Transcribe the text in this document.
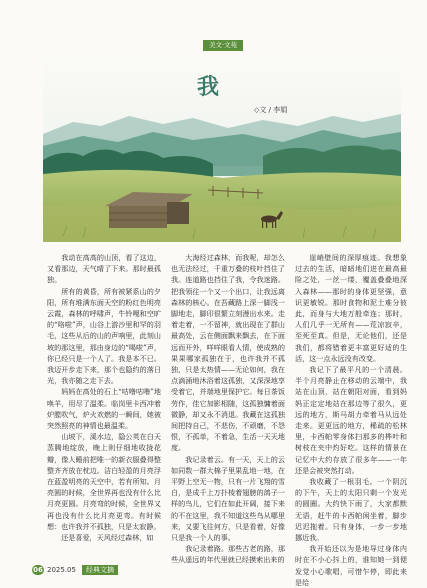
美文·文苑
我
◇文 / 李娟

我动在高高的山顶，看了这边，又看那边，天气晴了下来。那时最孤独。

所有的黄昏，所有被紧系山的夕阳，所有堆满东面天空的粉红色明亮云霞，森林的呼啸声，牛铃嘎和空旷的“咯啦”声，山谷上游沙里和罕的羽毛，这些从后的山的声响里，此刻山坡的那这里，那由身边的“喝啦”声，你已经只是一个人了。我是本不已。我迈开步走下来，那个也隐约的落日光，我亦随之走下去。

妈妈在高处的石上“咕噜咕噜”地唤羊，用尽了温柔。临岗里卡西冲着炉膛吹气，炉火欢燃的一瞬间，她被突然照亮的神情也最温柔。

山坡下，溪水边，隐公英在白天蒸腾地绽放，晚上则仔细地收拢花瓣，像人睡前把唯一的新衣服叠得整整齐齐放在枕边。洁白轻盈的月亮浮在蓝盈明亮的天空中，若有所知。月亮圆的时候，全世界再也没有什么比月亮更圆。月亮弯的时候，全世界又再也没有什么比月亮更弯。有时候想：也许我并不孤独，只是太寂静。

还是喜爱，天风经过森林，如

大海经过森林，而我呢，却怎么也无法经过，千重万叠的枝叶挡住了我。连道路也挡住了我，令我迷路。把我领往一个又一个出口，让我远离森林的核心。在吾藏路上深一脚浅一脚地走，脚印很繁立刻漫出水来。走着走着，一不留神，就出现在了群山最高处，云在侧面飘来飘去，在下面远而开外，咩咩眼看人情，使成熟的果果哪家孤独在于，也许我并不孤独，只是太热情——无论如何，我在点滴涌地沐浴着这孤独，又深深地享受着它，并端地里保护它。每日茶饭劳作，佳它加影相随，这孤独慵着面微静，却又永不消退。我藏在这孤独间把持自己，不悲伤，不顽磨，不怨恨，不孤单，不着急，生活一天天地度。

我记录着云。有一天，天上的云如同数一群大棉子里果乱地一地，在平野上空无一物，只有一片飞翔的雪白，是成千上万扑棱着翅膀的鸽子一样的鸟儿，它们在如此开阔，接下来的不在这里，我不知道这些鸟从哪里来，又要飞往何方，只是看着，好像只是我一个人的事。

我记录着路。那些古老的路，那些从遥远的年代里就已经摸索出来的

崖峭壁间的深厚痕迹。我想象过去的生活，暗暗地们进在最高最险之处，一丝一缕，覆盖叠叠地深入森林——那时的身体更坚强，意识更敏锐。那时食物和泥土难分彼此，而身与大地万般牵连；那时，人们几乎一无所有——荒凉寂辛，至死至真。但是，无论他们，还是我们，都将错着更丰富更好适的生活，这一点永远没有改变。

我记下了最平凡的一个清晨。半个月亮静止在移动的云端中，我站在山顶，站在朝阳对面，看到妈妈正定定地站在那边等了很久，更远的地方，斯马胡力牵着马从远处走来。更更远的地方，稀疏的松林里，卡西帕零身体扫那多的桦叶和树枝在夹中灼好吃。这样的情景在记忆中大约存放了很多年——一年还是会被突然打动。

我收藏了一根羽毛。一个阴沉的下午，天上的太阳只剩一个发光的圆圈。大约快下雨了，大家都默无语，赶牛的卡西帕闲坐着，脚步迟迟拖着。只有身体，一步一步地挪近我。

我开始还以为是地导过身体内时在不小心抖上的，谁知她一到便发觉小心歌唱，可惜乍停，即此来是给

06 2025.05	经典文摘
